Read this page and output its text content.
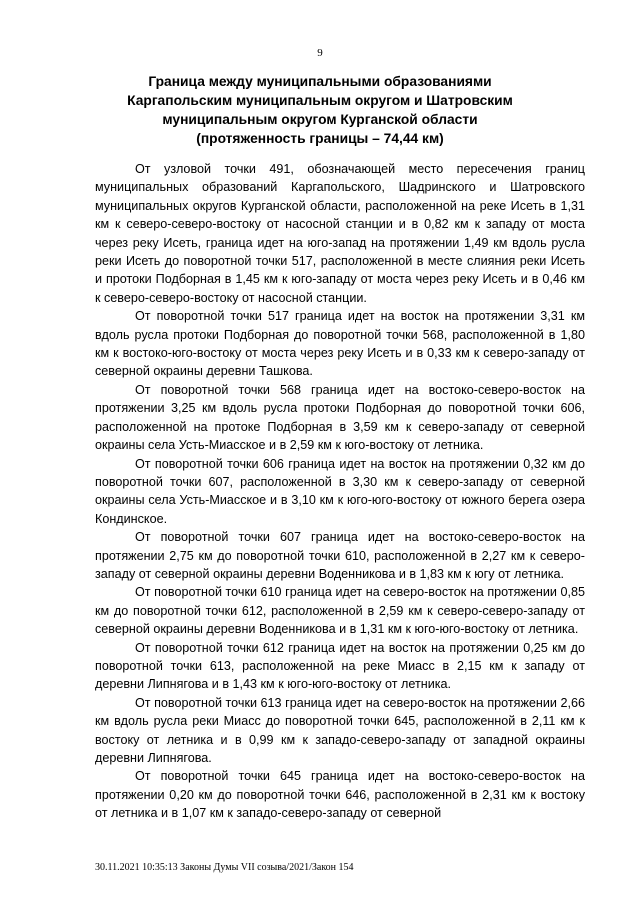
9
Граница между муниципальными образованиями
Каргапольским муниципальным округом и Шатровским
муниципальным округом Курганской области
(протяженность границы – 74,44 км)

От узловой точки 491, обозначающей место пересечения границ муниципальных образований Каргапольского, Шадринского и Шатровского муниципальных округов Курганской области, расположенной на реке Исеть в 1,31 км к северо-северо-востоку от насосной станции и в 0,82 км к западу от моста через реку Исеть, граница идет на юго-запад на протяжении 1,49 км вдоль русла реки Исеть до поворотной точки 517, расположенной в месте слияния реки Исеть и протоки Подборная в 1,45 км к юго-западу от моста через реку Исеть и в 0,46 км к северо-северо-востоку от насосной станции.

От поворотной точки 517 граница идет на восток на протяжении 3,31 км вдоль русла протоки Подборная до поворотной точки 568, расположенной в 1,80 км к востоко-юго-востоку от моста через реку Исеть и в 0,33 км к северо-западу от северной окраины деревни Ташкова.

От поворотной точки 568 граница идет на востоко-северо-восток на протяжении 3,25 км вдоль русла протоки Подборная до поворотной точки 606, расположенной на протоке Подборная в 3,59 км к северо-западу от северной окраины села Усть-Миасское и в 2,59 км к юго-востоку от летника.

От поворотной точки 606 граница идет на восток на протяжении 0,32 км до поворотной точки 607, расположенной в 3,30 км к северо-западу от северной окраины села Усть-Миасское и в 3,10 км к юго-юго-востоку от южного берега озера Кондинское.

От поворотной точки 607 граница идет на востоко-северо-восток на протяжении 2,75 км до поворотной точки 610, расположенной в 2,27 км к северо-западу от северной окраины деревни Воденникова и в 1,83 км к югу от летника.

От поворотной точки 610 граница идет на северо-восток на протяжении 0,85 км до поворотной точки 612, расположенной в 2,59 км к северо-северо-западу от северной окраины деревни Воденникова и в 1,31 км к юго-юго-востоку от летника.

От поворотной точки 612 граница идет на восток на протяжении 0,25 км до поворотной точки 613, расположенной на реке Миасс в 2,15 км к западу от деревни Липнягова и в 1,43 км к юго-юго-востоку от летника.

От поворотной точки 613 граница идет на северо-восток на протяжении 2,66 км вдоль русла реки Миасс до поворотной точки 645, расположенной в 2,11 км к востоку от летника и в 0,99 км к западо-северо-западу от западной окраины деревни Липнягова.

От поворотной точки 645 граница идет на востоко-северо-восток на протяжении 0,20 км до поворотной точки 646, расположенной в 2,31 км к востоку от летника и в 1,07 км к западо-северо-западу от северной

30.11.2021 10:35:13 Законы Думы VII созыва/2021/Закон 154
